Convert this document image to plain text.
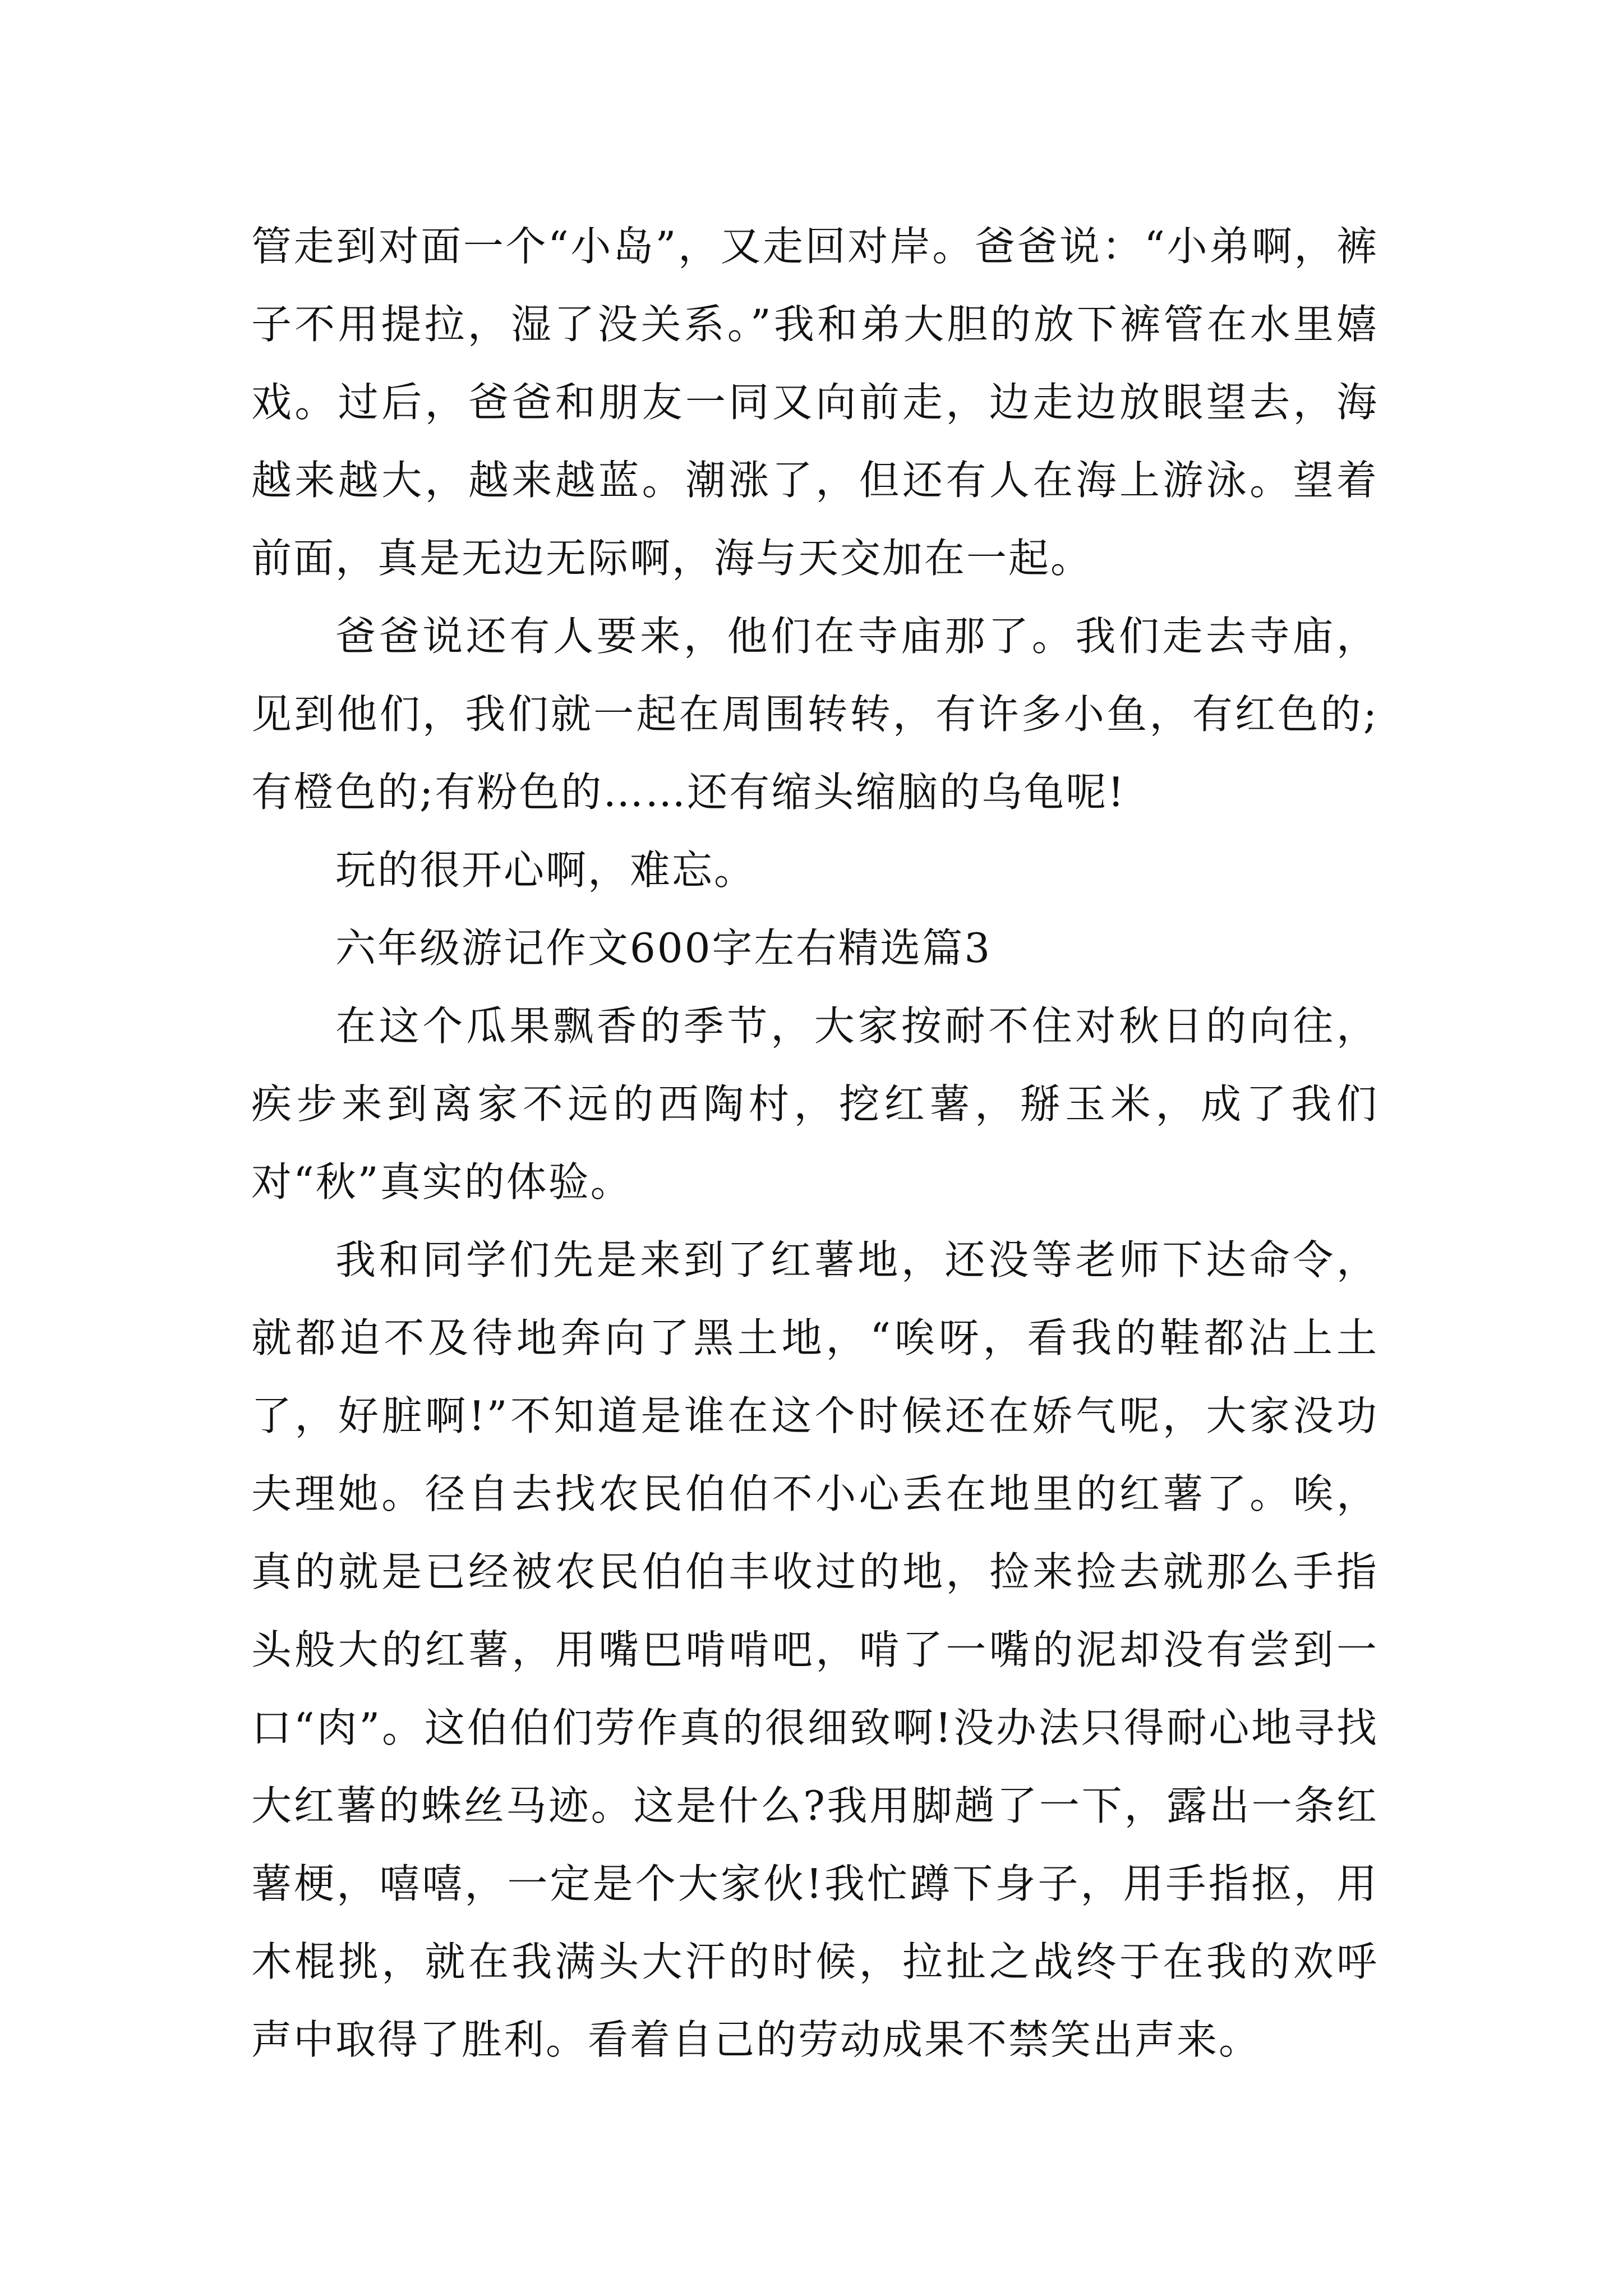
管走到对面一个“小岛”，又走回对岸。爸爸说：“小弟啊，裤子不用提拉，湿了没关系。”我和弟大胆的放下裤管在水里嬉戏。过后，爸爸和朋友一同又向前走，边走边放眼望去，海越来越大，越来越蓝。潮涨了，但还有人在海上游泳。望着前面，真是无边无际啊，海与天交加在一起。

爸爸说还有人要来，他们在寺庙那了。我们走去寺庙，见到他们，我们就一起在周围转转，有许多小鱼，有红色的;有橙色的;有粉色的……还有缩头缩脑的乌龟呢!

玩的很开心啊，难忘。

六年级游记作文600字左右精选篇3

在这个瓜果飘香的季节，大家按耐不住对秋日的向往，疾步来到离家不远的西陶村，挖红薯，掰玉米，成了我们对“秋”真实的体验。

我和同学们先是来到了红薯地，还没等老师下达命令，就都迫不及待地奔向了黑土地，“唉呀，看我的鞋都沾上土了，好脏啊!”不知道是谁在这个时候还在娇气呢，大家没功夫理她。径自去找农民伯伯不小心丢在地里的红薯了。唉，真的就是已经被农民伯伯丰收过的地，捡来捡去就那么手指头般大的红薯，用嘴巴啃啃吧，啃了一嘴的泥却没有尝到一口“肉”。这伯伯们劳作真的很细致啊!没办法只得耐心地寻找大红薯的蛛丝马迹。这是什么?我用脚趟了一下，露出一条红薯梗，嘻嘻，一定是个大家伙!我忙蹲下身子，用手指抠，用木棍挑，就在我满头大汗的时候，拉扯之战终于在我的欢呼声中取得了胜利。看着自己的劳动成果不禁笑出声来。
